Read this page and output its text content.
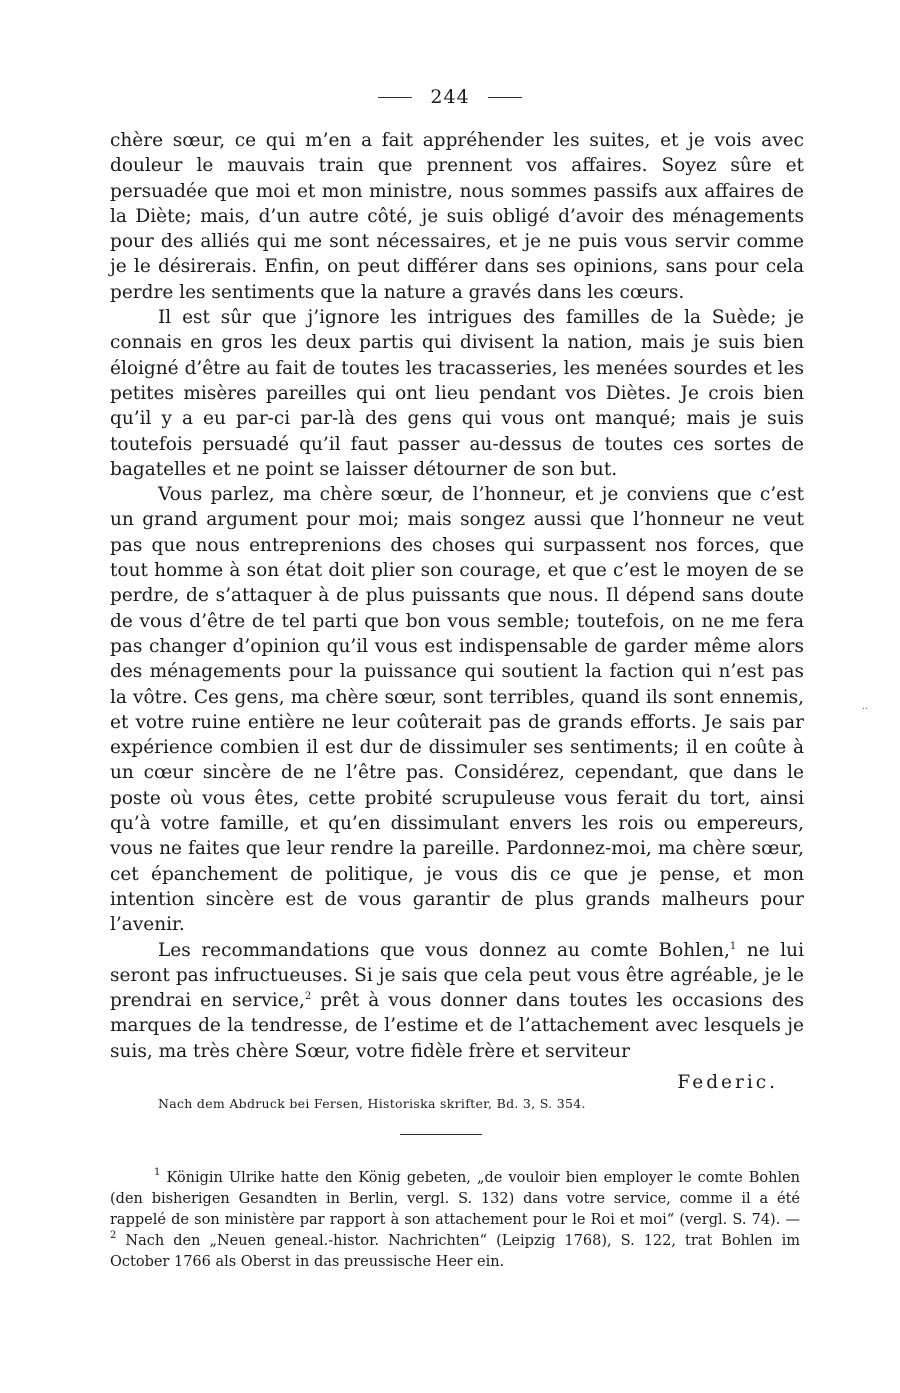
244

chère sœur, ce qui m’en a fait appréhender les suites, et je vois avec douleur le mauvais train que prennent vos affaires. Soyez sûre et persuadée que moi et mon ministre, nous sommes passifs aux affaires de la Diète; mais, d’un autre côté, je suis obligé d’avoir des ménagements pour des alliés qui me sont nécessaires, et je ne puis vous servir comme je le désirerais. Enfin, on peut différer dans ses opinions, sans pour cela perdre les sentiments que la nature a gravés dans les cœurs.

Il est sûr que j’ignore les intrigues des familles de la Suède; je connais en gros les deux partis qui divisent la nation, mais je suis bien éloigné d’être au fait de toutes les tracasseries, les menées sourdes et les petites misères pareilles qui ont lieu pendant vos Diètes. Je crois bien qu’il y a eu par-ci par-là des gens qui vous ont manqué; mais je suis toutefois persuadé qu’il faut passer au-dessus de toutes ces sortes de bagatelles et ne point se laisser détourner de son but.

Vous parlez, ma chère sœur, de l’honneur, et je conviens que c’est un grand argument pour moi; mais songez aussi que l’honneur ne veut pas que nous entreprenions des choses qui surpassent nos forces, que tout homme à son état doit plier son courage, et que c’est le moyen de se perdre, de s’attaquer à de plus puissants que nous. Il dépend sans doute de vous d’être de tel parti que bon vous semble; toutefois, on ne me fera pas changer d’opinion qu’il vous est indispensable de garder même alors des ménagements pour la puissance qui soutient la faction qui n’est pas la vôtre. Ces gens, ma chère sœur, sont terribles, quand ils sont ennemis, et votre ruine entière ne leur coûterait pas de grands efforts. Je sais par expérience combien il est dur de dissimuler ses sentiments; il en coûte à un cœur sincère de ne l’être pas. Considérez, cependant, que dans le poste où vous êtes, cette probité scrupuleuse vous ferait du tort, ainsi qu’à votre famille, et qu’en dissimulant envers les rois ou empereurs, vous ne faites que leur rendre la pareille. Pardonnez-moi, ma chère sœur, cet épanchement de politique, je vous dis ce que je pense, et mon intention sincère est de vous garantir de plus grands malheurs pour l’avenir.

Les recommandations que vous donnez au comte Bohlen,$^1$ ne lui seront pas infructueuses. Si je sais que cela peut vous être agréable, je le prendrai en service,$^2$ prêt à vous donner dans toutes les occasions des marques de la tendresse, de l’estime et de l’attachement avec lesquels je suis, ma très chère Sœur, votre fidèle frère et serviteur

Federic.
Nach dem Abdruck bei Fersen, Historiska skrifter, Bd. 3, S. 354.

$^1$ Königin Ulrike hatte den König gebeten, „de vouloir bien employer le comte Bohlen (den bisherigen Gesandten in Berlin, vergl. S. 132) dans votre service, comme il a été rappelé de son ministère par rapport à son attachement pour le Roi et moi“ (vergl. S. 74). — $^2$ Nach den „Neuen geneal.-histor. Nachrichten“ (Leipzig 1768), S. 122, trat Bohlen im October 1766 als Oberst in das preussische Heer ein.

··
